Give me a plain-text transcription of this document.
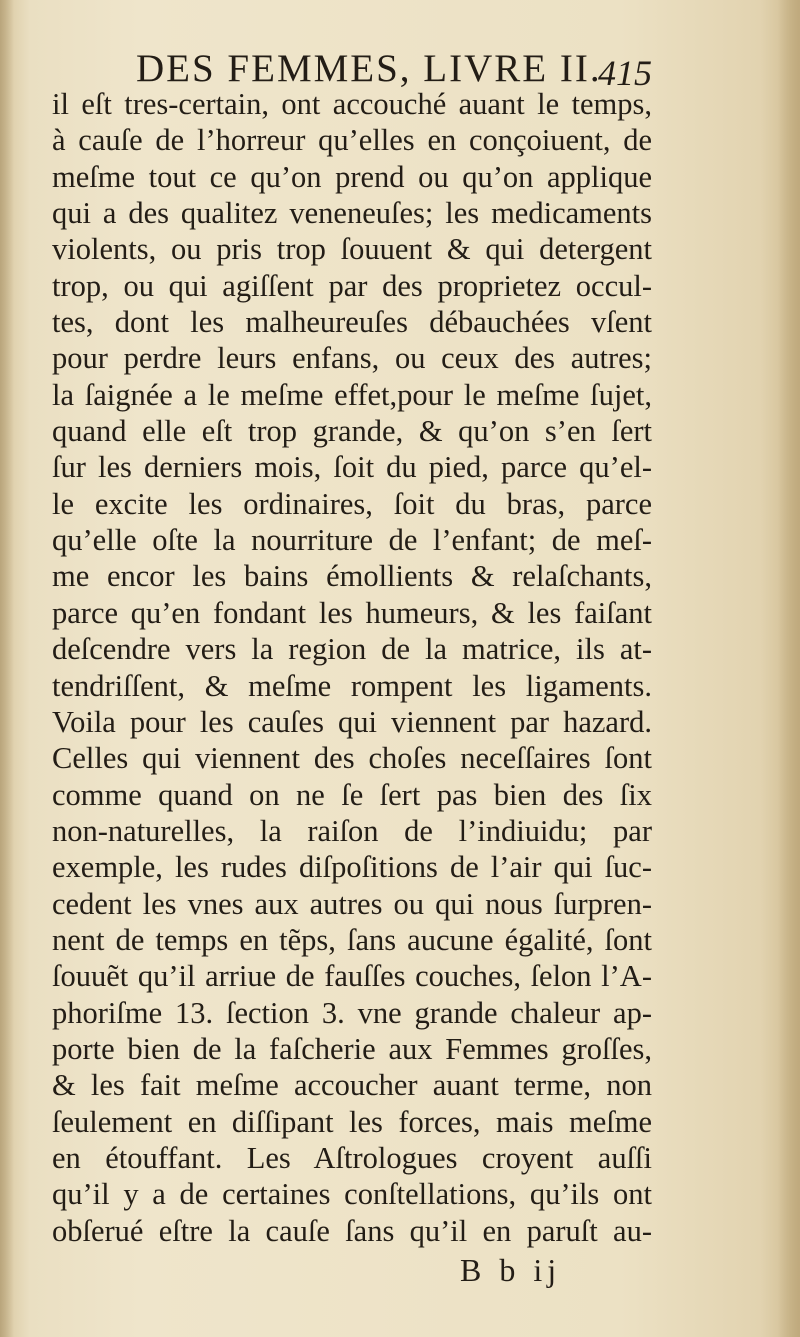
DES FEMMES, LIVRE II.
415
il eſt tres-certain, ont accouché auant le temps,
à cauſe de l’horreur qu’elles en conçoiuent, de
meſme tout ce qu’on prend ou qu’on applique
qui a des qualitez veneneuſes; les medicaments
violents, ou pris trop ſouuent & qui detergent
trop, ou qui agiſſent par des proprietez occul-
tes, dont les malheureuſes débauchées vſent
pour perdre leurs enfans, ou ceux des autres;
la ſaignée a le meſme effet,pour le meſme ſujet,
quand elle eſt trop grande, & qu’on s’en ſert
ſur les derniers mois, ſoit du pied, parce qu’el-
le excite les ordinaires, ſoit du bras, parce
qu’elle oſte la nourriture de l’enfant; de meſ-
me encor les bains émollients & relaſchants,
parce qu’en fondant les humeurs, & les faiſant
deſcendre vers la region de la matrice, ils at-
tendriſſent, & meſme rompent les ligaments.
Voila pour les cauſes qui viennent par hazard.
Celles qui viennent des choſes neceſſaires ſont
comme quand on ne ſe ſert pas bien des ſix
non-naturelles, la raiſon de l’indiuidu; par
exemple, les rudes diſpoſitions de l’air qui ſuc-
cedent les vnes aux autres ou qui nous ſurpren-
nent de temps en tẽps, ſans aucune égalité, ſont
ſouuẽt qu’il arriue de fauſſes couches, ſelon l’A-
phoriſme 13. ſection 3. vne grande chaleur ap-
porte bien de la faſcherie aux Femmes groſſes,
& les fait meſme accoucher auant terme, non
ſeulement en diſſipant les forces, mais meſme
en étouffant. Les Aſtrologues croyent auſſi
qu’il y a de certaines conſtellations, qu’ils ont
obſerué eſtre la cauſe ſans qu’il en paruſt au-
B b ij
